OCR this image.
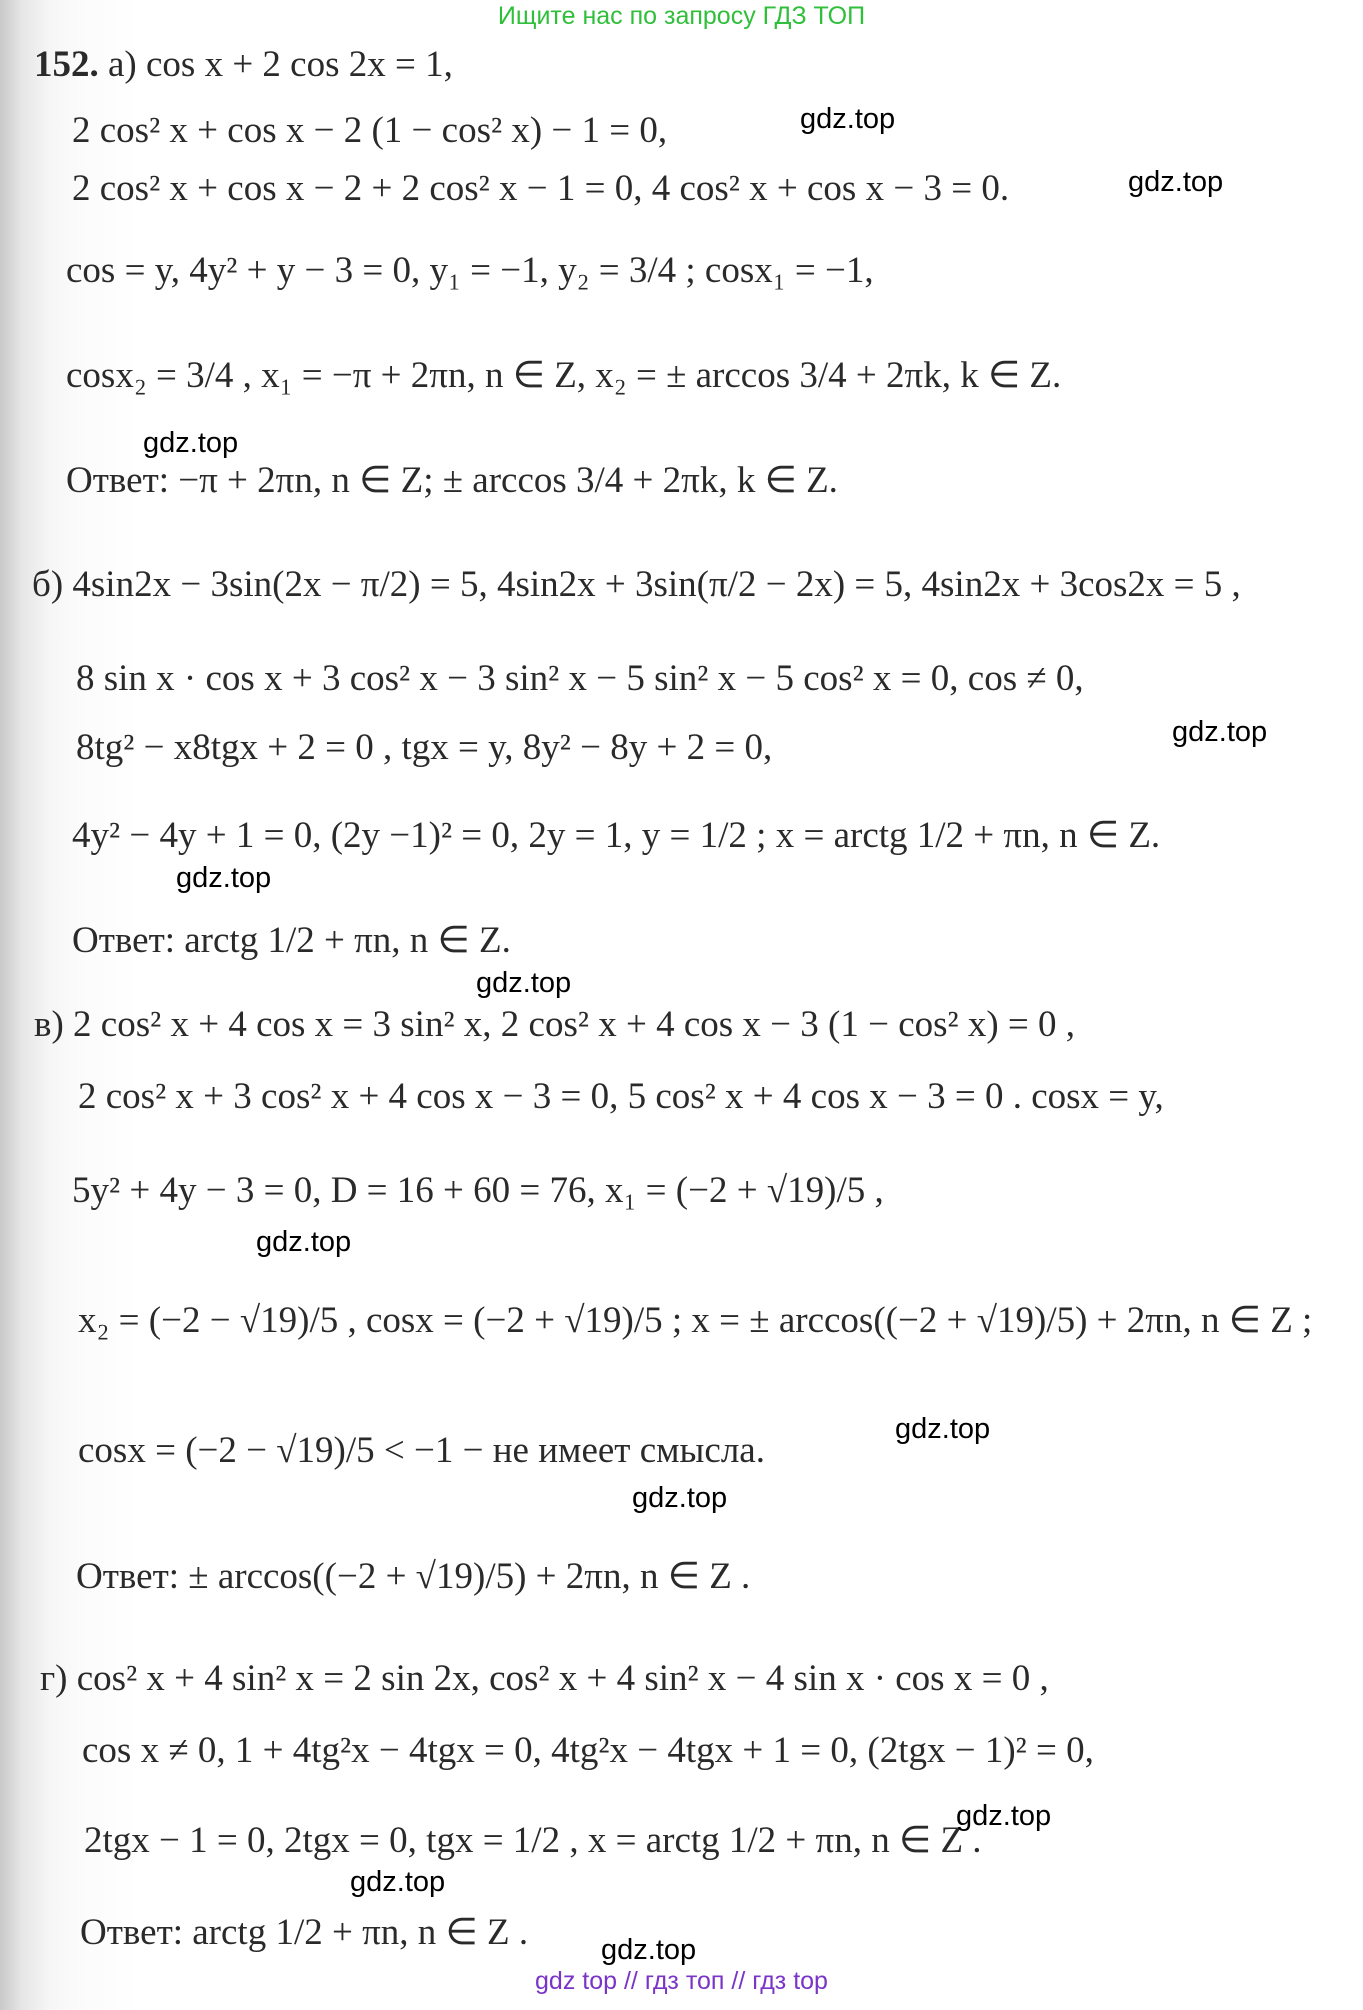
Ищите нас по запросу ГДЗ ТОП
152. а) cos x + 2 cos 2x = 1,
2 cos² x + cos x − 2 (1 − cos² x) − 1 = 0,
2 cos² x + cos x − 2 + 2 cos² x − 1 = 0, 4 cos² x + cos x − 3 = 0.
cos = y, 4y² + y − 3 = 0, y₁ = −1, y₂ = 3/4 ; cosx₁ = −1,
cosx₂ = 3/4 , x₁ = −π + 2πn, n ∈ Z, x₂ = ± arccos 3/4 + 2πk, k ∈ Z.
Ответ: −π + 2πn, n ∈ Z; ± arccos 3/4 + 2πk, k ∈ Z.
б) 4sin2x − 3sin(2x − π/2) = 5, 4sin2x + 3sin(π/2 − 2x) = 5, 4sin2x + 3cos2x = 5 ,
8 sin x · cos x + 3 cos² x − 3 sin² x − 5 sin² x − 5 cos² x = 0, cos ≠ 0,
8tg² − x8tgx + 2 = 0 , tgx = y, 8y² − 8y + 2 = 0,
4y² − 4y + 1 = 0, (2y −1)² = 0, 2y = 1, y = 1/2 ; x = arctg 1/2 + πn, n ∈ Z.
Ответ: arctg 1/2 + πn, n ∈ Z.
в) 2 cos² x + 4 cos x = 3 sin² x, 2 cos² x + 4 cos x − 3 (1 − cos² x) = 0 ,
2 cos² x + 3 cos² x + 4 cos x − 3 = 0, 5 cos² x + 4 cos x − 3 = 0 . cosx = y,
5y² + 4y − 3 = 0, D = 16 + 60 = 76, x₁ = (−2 + √19)/5 ,
x₂ = (−2 − √19)/5 , cosx = (−2 + √19)/5 ; x = ± arccos((−2 + √19)/5) + 2πn, n ∈ Z ;
cosx = (−2 − √19)/5 < −1 − не имеет смысла.
Ответ: ± arccos((−2 + √19)/5) + 2πn, n ∈ Z .
г) cos² x + 4 sin² x = 2 sin 2x, cos² x + 4 sin² x − 4 sin x · cos x = 0 ,
cos x ≠ 0, 1 + 4tg²x − 4tgx = 0, 4tg²x − 4tgx + 1 = 0, (2tgx − 1)² = 0,
2tgx − 1 = 0, 2tgx = 0, tgx = 1/2 , x = arctg 1/2 + πn, n ∈ Z .
Ответ: arctg 1/2 + πn, n ∈ Z .
gdz.top
gdz.top
gdz.top
gdz.top
gdz.top
gdz.top
gdz.top
gdz.top
gdz.top
gdz.top
gdz.top
gdz.top
gdz top // гдз топ // гдз top
